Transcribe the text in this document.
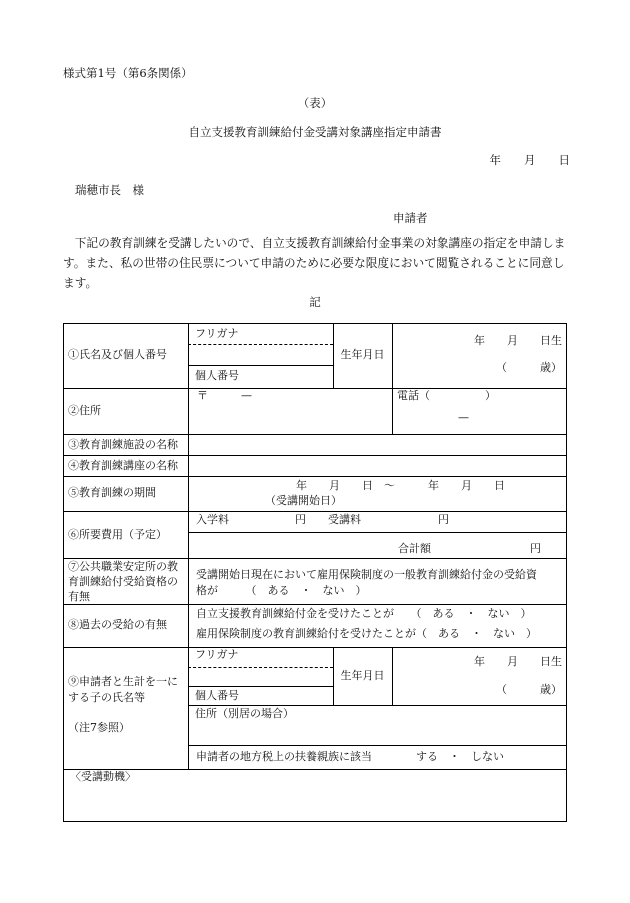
様式第1号（第6条関係）
（表）
自立支援教育訓練給付金受講対象講座指定申請書
年　　月　　日
瑞穂市長　様
申請者

下記の教育訓練を受講したいので、自立支援教育訓練給付金事業の対象講座の指定を申請します。また、私の世帯の住民票について申請のために必要な限度において閲覧されることに同意します。

記
①氏名及び個人番号
フリガナ
個人番号
生年月日
年　　月　　日生
（　　　歳）
②住所
〒　　　—	電話（　　　　　）
—
③教育訓練施設の名称
④教育訓練講座の名称
⑤教育訓練の期間
年　　月　　日　～　　　年　　月　　日
（受講開始日）
⑥所要費用（予定）
入学料　　　　　　円　　受講料　　　　　　　円
合計額　　　　　　　　　円
⑦公共職業安定所の教育訓練給付受給資格の有無
受講開始日現在において雇用保険制度の一般教育訓練給付金の受給資格が　　　（　ある　・　ない　）
⑧過去の受給の有無
自立支援教育訓練給付金を受けたことが　　（　ある　・　ない　）
雇用保険制度の教育訓練給付を受けたことが（　ある　・　ない　）
⑨申請者と生計を一にする子の氏名等
（注7参照）
フリガナ
個人番号
生年月日
年　　月　　日生
（　　　歳）
住所（別居の場合）
申請者の地方税上の扶養親族に該当　　　　する　・　しない
〈受講動機〉
